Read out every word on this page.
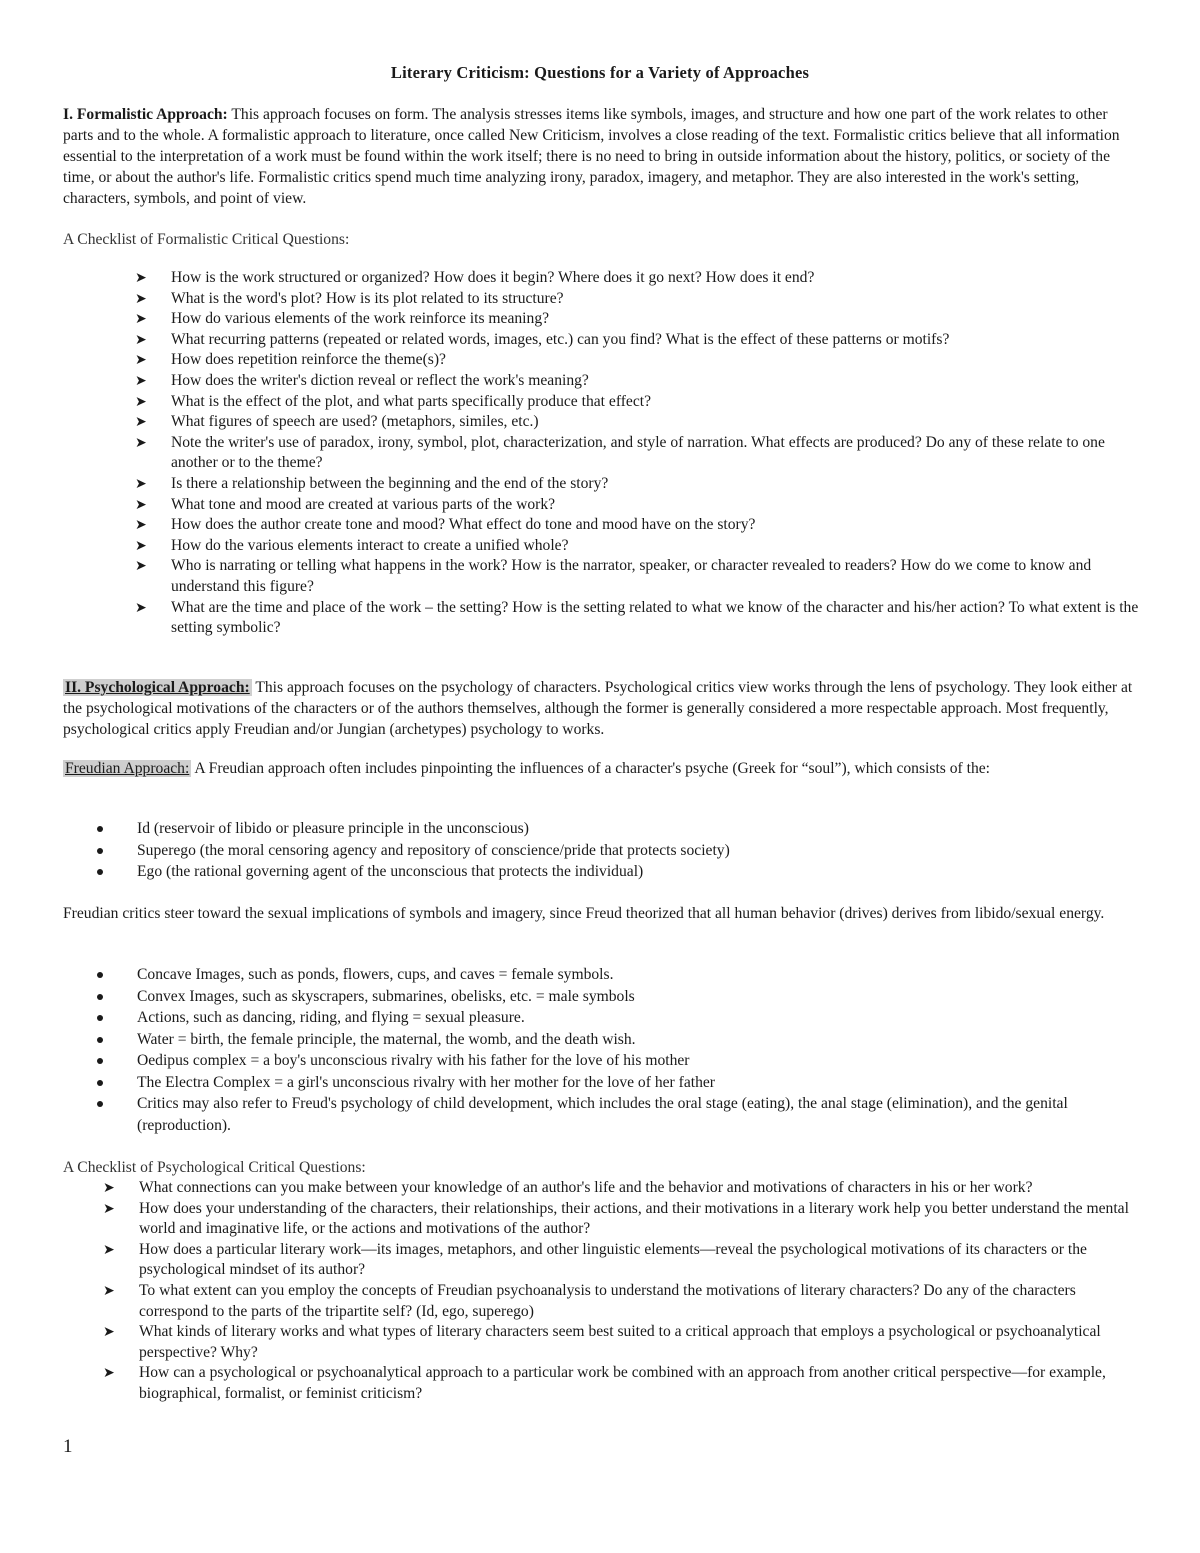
Literary Criticism: Questions for a Variety of Approaches

I. Formalistic Approach: This approach focuses on form. The analysis stresses items like symbols, images, and structure and how one part of the work relates to other parts and to the whole. A formalistic approach to literature, once called New Criticism, involves a close reading of the text. Formalistic critics believe that all information essential to the interpretation of a work must be found within the work itself; there is no need to bring in outside information about the history, politics, or society of the time, or about the author's life. Formalistic critics spend much time analyzing irony, paradox, imagery, and metaphor. They are also interested in the work's setting, characters, symbols, and point of view.

A Checklist of Formalistic Critical Questions:

➤ How is the work structured or organized? How does it begin? Where does it go next? How does it end?
➤ What is the word's plot? How is its plot related to its structure?
➤ How do various elements of the work reinforce its meaning?
➤ What recurring patterns (repeated or related words, images, etc.) can you find? What is the effect of these patterns or motifs?
➤ How does repetition reinforce the theme(s)?
➤ How does the writer's diction reveal or reflect the work's meaning?
➤ What is the effect of the plot, and what parts specifically produce that effect?
➤ What figures of speech are used? (metaphors, similes, etc.)
➤ Note the writer's use of paradox, irony, symbol, plot, characterization, and style of narration. What effects are produced? Do any of these relate to one another or to the theme?
➤ Is there a relationship between the beginning and the end of the story?
➤ What tone and mood are created at various parts of the work?
➤ How does the author create tone and mood? What effect do tone and mood have on the story?
➤ How do the various elements interact to create a unified whole?
➤ Who is narrating or telling what happens in the work? How is the narrator, speaker, or character revealed to readers? How do we come to know and understand this figure?
➤ What are the time and place of the work – the setting? How is the setting related to what we know of the character and his/her action? To what extent is the setting symbolic?

II. Psychological Approach: This approach focuses on the psychology of characters. Psychological critics view works through the lens of psychology. They look either at the psychological motivations of the characters or of the authors themselves, although the former is generally considered a more respectable approach. Most frequently, psychological critics apply Freudian and/or Jungian (archetypes) psychology to works.

Freudian Approach: A Freudian approach often includes pinpointing the influences of a character's psyche (Greek for “soul”), which consists of the:

Id (reservoir of libido or pleasure principle in the unconscious)
Superego (the moral censoring agency and repository of conscience/pride that protects society)
Ego (the rational governing agent of the unconscious that protects the individual)

Freudian critics steer toward the sexual implications of symbols and imagery, since Freud theorized that all human behavior (drives) derives from libido/sexual energy.

Concave Images, such as ponds, flowers, cups, and caves = female symbols.
Convex Images, such as skyscrapers, submarines, obelisks, etc. = male symbols
Actions, such as dancing, riding, and flying = sexual pleasure.
Water = birth, the female principle, the maternal, the womb, and the death wish.
Oedipus complex = a boy's unconscious rivalry with his father for the love of his mother
The Electra Complex = a girl's unconscious rivalry with her mother for the love of her father
Critics may also refer to Freud's psychology of child development, which includes the oral stage (eating), the anal stage (elimination), and the genital (reproduction).

A Checklist of Psychological Critical Questions:

➤ What connections can you make between your knowledge of an author's life and the behavior and motivations of characters in his or her work?
➤ How does your understanding of the characters, their relationships, their actions, and their motivations in a literary work help you better understand the mental world and imaginative life, or the actions and motivations of the author?
➤ How does a particular literary work—its images, metaphors, and other linguistic elements—reveal the psychological motivations of its characters or the psychological mindset of its author?
➤ To what extent can you employ the concepts of Freudian psychoanalysis to understand the motivations of literary characters? Do any of the characters correspond to the parts of the tripartite self? (Id, ego, superego)
➤ What kinds of literary works and what types of literary characters seem best suited to a critical approach that employs a psychological or psychoanalytical perspective? Why?
➤ How can a psychological or psychoanalytical approach to a particular work be combined with an approach from another critical perspective—for example, biographical, formalist, or feminist criticism?
1
